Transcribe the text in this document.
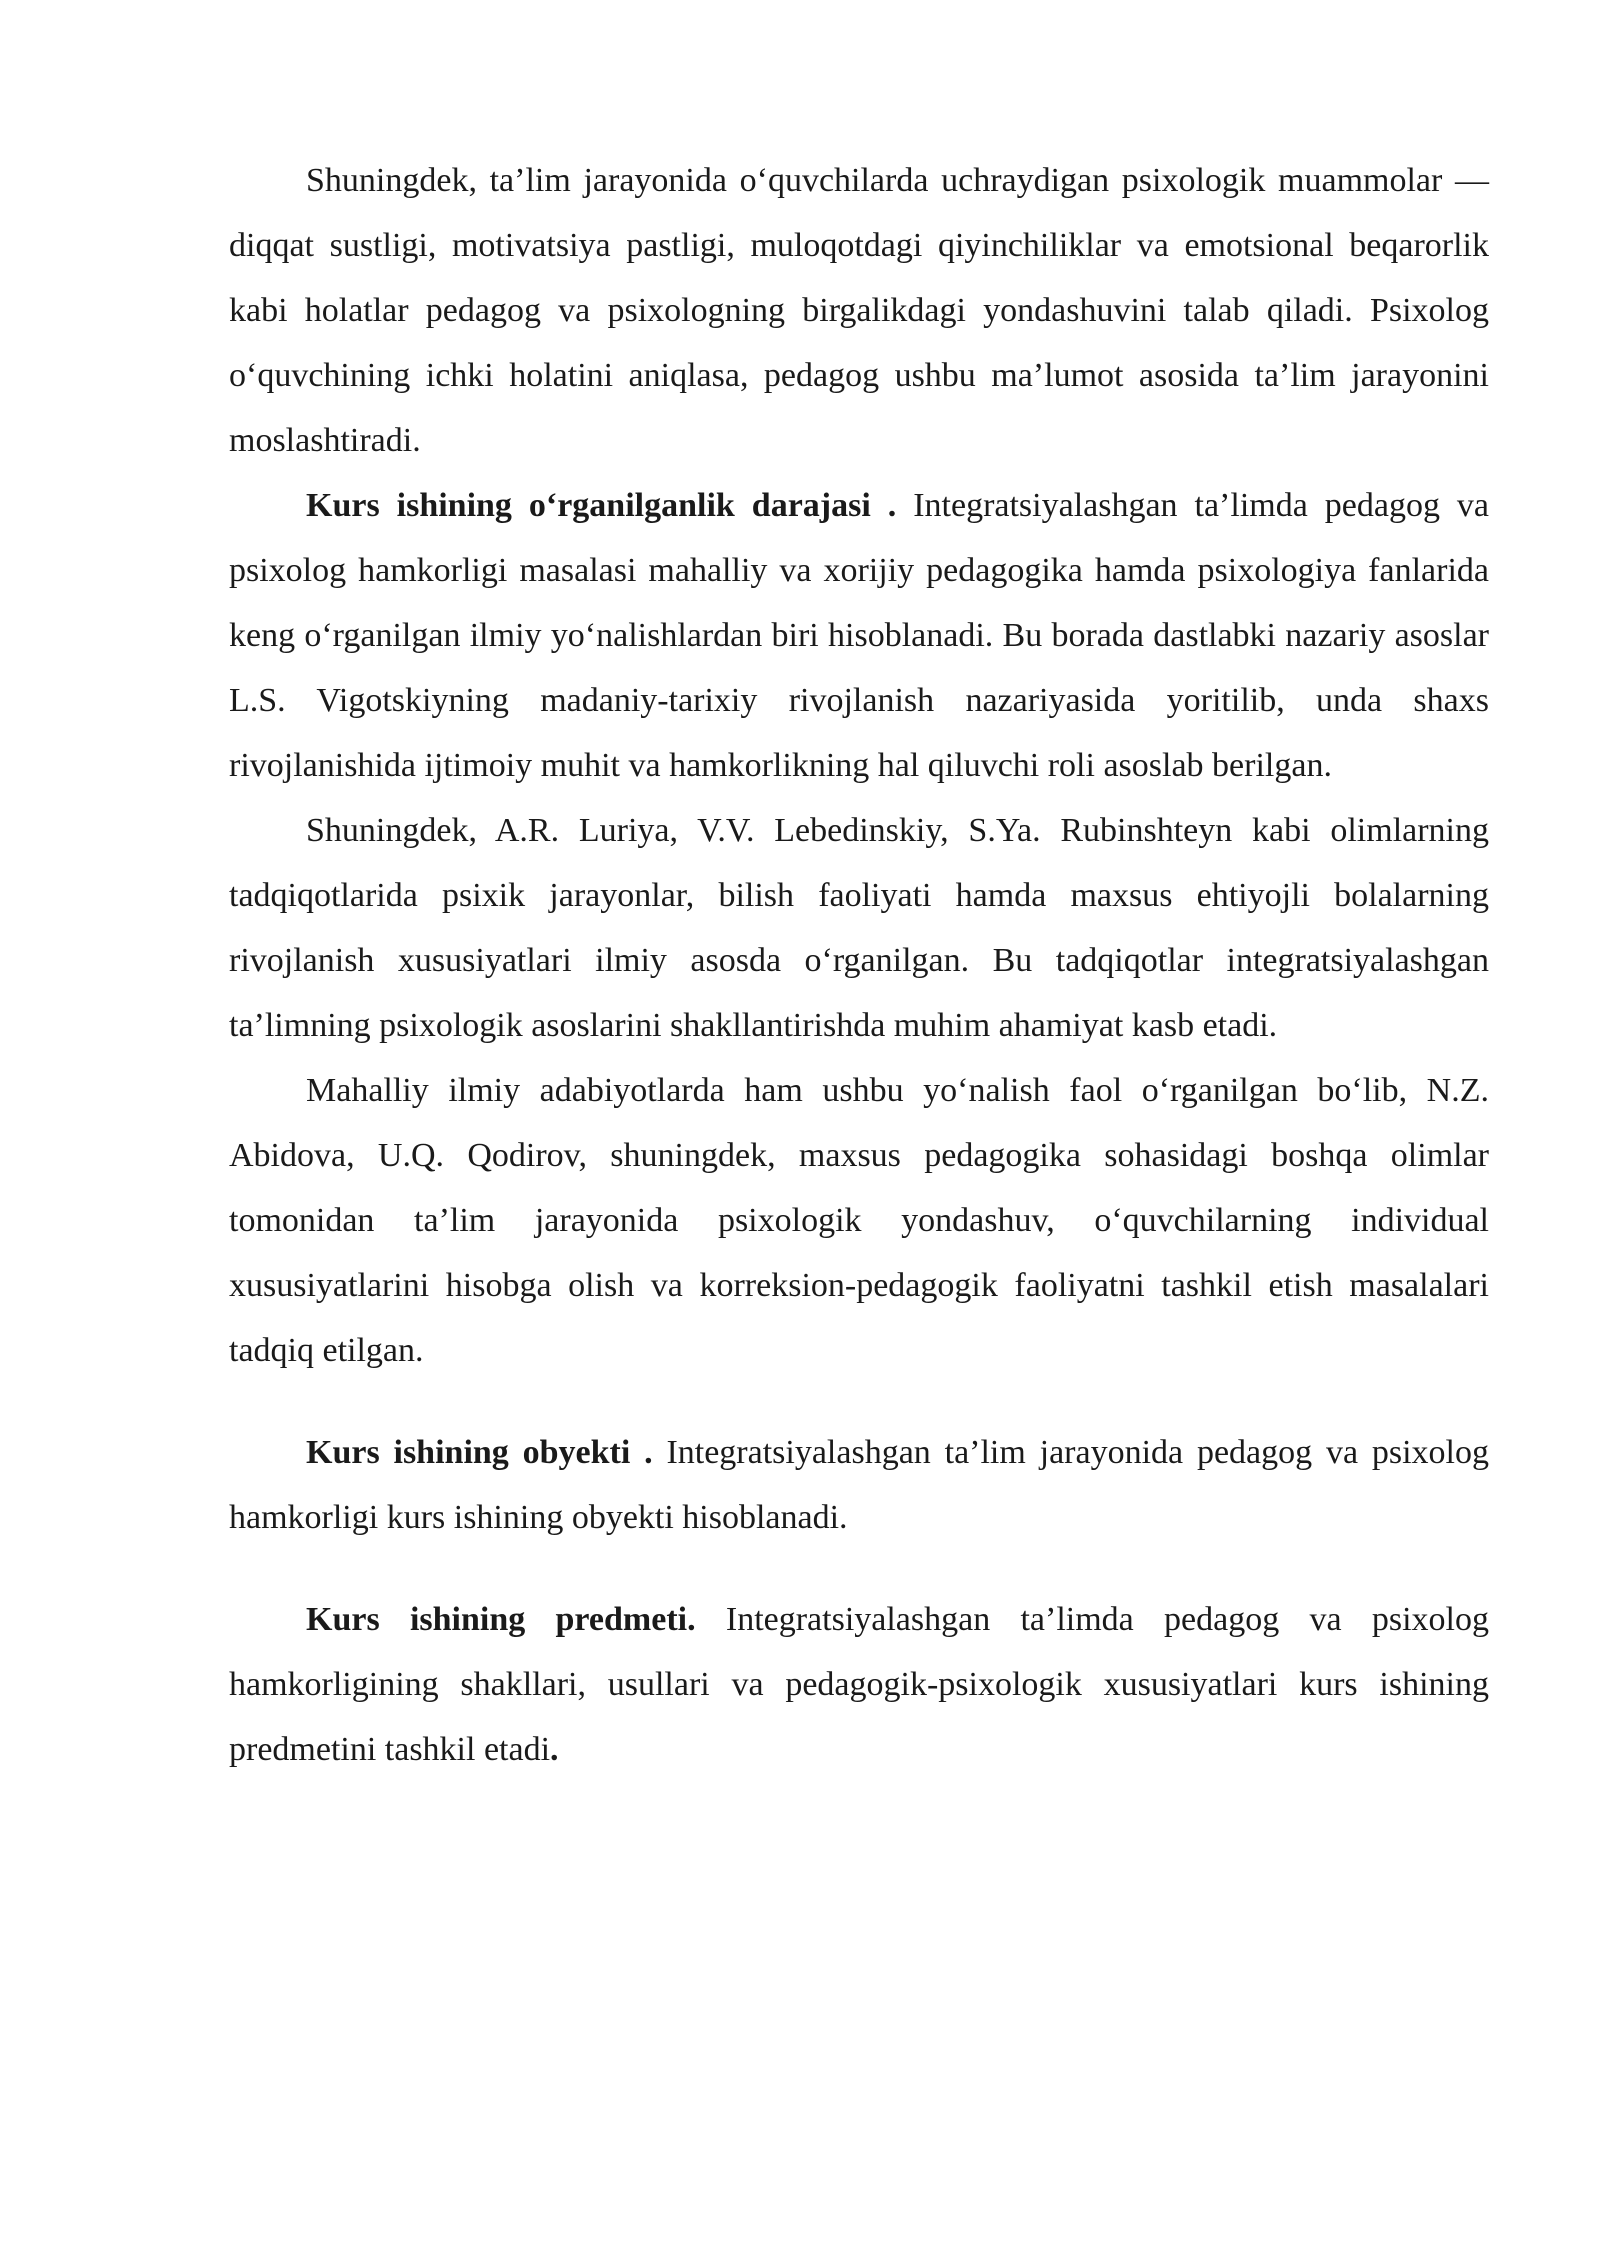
Shuningdek, ta’lim jarayonida o‘quvchilarda uchraydigan psixologik muammolar — diqqat sustligi, motivatsiya pastligi, muloqotdagi qiyinchiliklar va emotsional beqarorlik kabi holatlar pedagog va psixologning birgalikdagi yondashuvini talab qiladi. Psixolog o‘quvchining ichki holatini aniqlasa, pedagog ushbu ma’lumot asosida ta’lim jarayonini moslashtiradi.

Kurs ishining o‘rganilganlik darajasi . Integratsiyalashgan ta’limda pedagog va psixolog hamkorligi masalasi mahalliy va xorijiy pedagogika hamda psixologiya fanlarida keng o‘rganilgan ilmiy yo‘nalishlardan biri hisoblanadi. Bu borada dastlabki nazariy asoslar L.S. Vigotskiyning madaniy-tarixiy rivojlanish nazariyasida yoritilib, unda shaxs rivojlanishida ijtimoiy muhit va hamkorlikning hal qiluvchi roli asoslab berilgan.

Shuningdek, A.R. Luriya, V.V. Lebedinskiy, S.Ya. Rubinshteyn kabi olimlarning tadqiqotlarida psixik jarayonlar, bilish faoliyati hamda maxsus ehtiyojli bolalarning rivojlanish xususiyatlari ilmiy asosda o‘rganilgan. Bu tadqiqotlar integratsiyalashgan ta’limning psixologik asoslarini shakllantirishda muhim ahamiyat kasb etadi.

Mahalliy ilmiy adabiyotlarda ham ushbu yo‘nalish faol o‘rganilgan bo‘lib, N.Z. Abidova, U.Q. Qodirov, shuningdek, maxsus pedagogika sohasidagi boshqa olimlar tomonidan ta’lim jarayonida psixologik yondashuv, o‘quvchilarning individual xususiyatlarini hisobga olish va korreksion-pedagogik faoliyatni tashkil etish masalalari tadqiq etilgan.

Kurs ishining obyekti . Integratsiyalashgan ta’lim jarayonida pedagog va psixolog hamkorligi kurs ishining obyekti hisoblanadi.

Kurs ishining predmeti. Integratsiyalashgan ta’limda pedagog va psixolog hamkorligining shakllari, usullari va pedagogik-psixologik xususiyatlari kurs ishining predmetini tashkil etadi.
